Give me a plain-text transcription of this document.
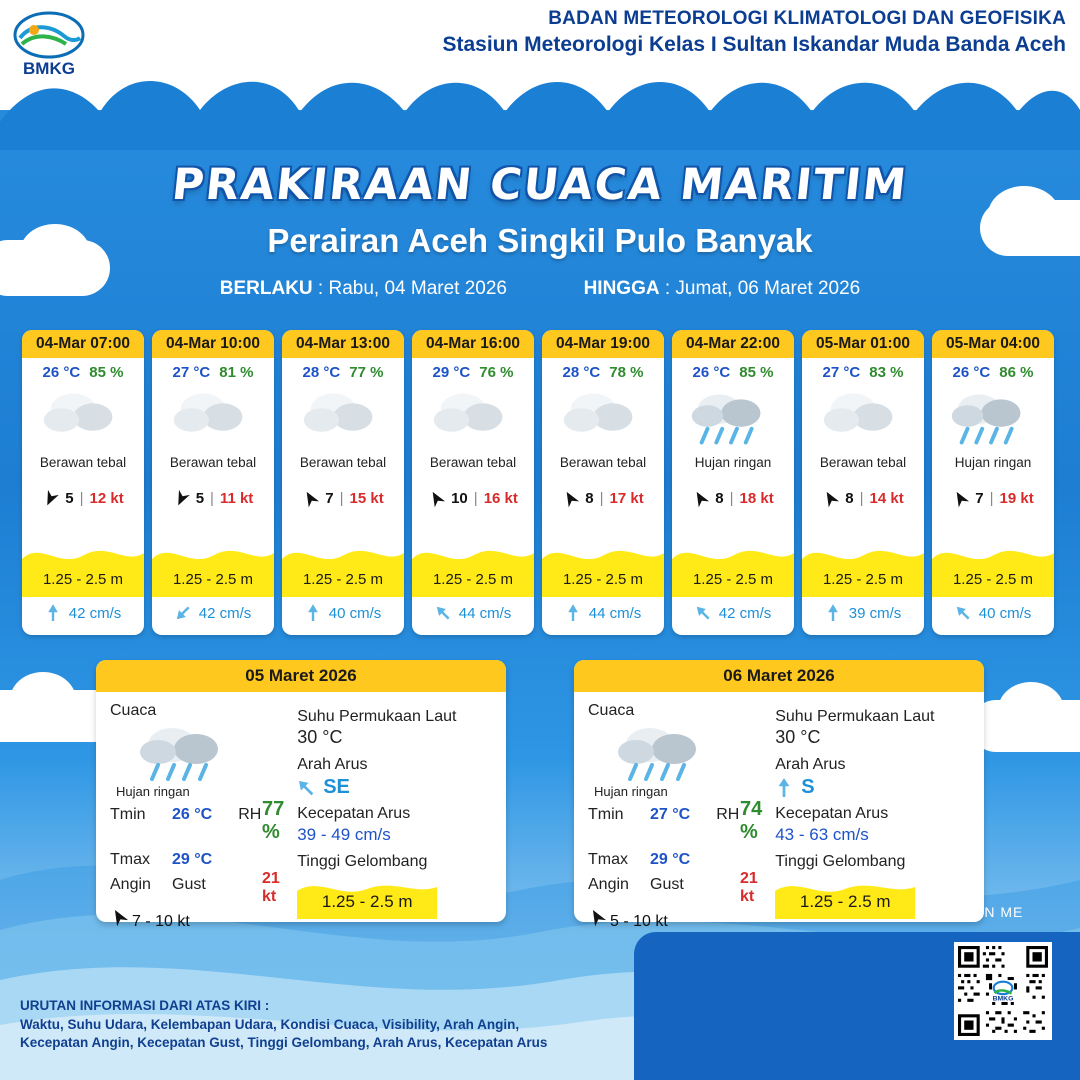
BMKG
BADAN METEOROLOGI KLIMATOLOGI DAN GEOFISIKA
Stasiun Meteorologi Kelas I Sultan Iskandar Muda Banda Aceh
PRAKIRAAN CUACA MARITIM
Perairan Aceh Singkil Pulo Banyak
BERLAKU : Rabu, 04 Maret 2026	HINGGA : Jumat, 06 Maret 2026
04-Mar 07:00
26 °C 85 %
Berawan tebal
5 | 12 kt
1.25 - 2.5 m
42 cm/s
04-Mar 10:00
27 °C 81 %
Berawan tebal
5 | 11 kt
1.25 - 2.5 m
42 cm/s
04-Mar 13:00
28 °C 77 %
Berawan tebal
7 | 15 kt
1.25 - 2.5 m
40 cm/s
04-Mar 16:00
29 °C 76 %
Berawan tebal
10 | 16 kt
1.25 - 2.5 m
44 cm/s
04-Mar 19:00
28 °C 78 %
Berawan tebal
8 | 17 kt
1.25 - 2.5 m
44 cm/s
04-Mar 22:00
26 °C 85 %
Hujan ringan
8 | 18 kt
1.25 - 2.5 m
42 cm/s
05-Mar 01:00
27 °C 83 %
Berawan tebal
8 | 14 kt
1.25 - 2.5 m
39 cm/s
05-Mar 04:00
26 °C 86 %
Hujan ringan
7 | 19 kt
1.25 - 2.5 m
40 cm/s
05 Maret 2026
Cuaca
Hujan ringan
Tmin	26 °C RH 77 %
Tmax	29 °C
Angin	Gust	21 kt
7 - 10 kt
Suhu Permukaan Laut
30 °C
Arah Arus
SE
Kecepatan Arus
39 - 49 cm/s
Tinggi Gelombang
1.25 - 2.5 m
06 Maret 2026
Cuaca
Hujan ringan
Tmin	27 °C RH 74 %
Tmax	29 °C
Angin	Gust	21 kt
5 - 10 kt
Suhu Permukaan Laut
30 °C
Arah Arus
S
Kecepatan Arus
43 - 63 cm/s
Tinggi Gelombang
1.25 - 2.5 m
URUTAN INFORMASI DARI ATAS KIRI :
Waktu, Suhu Udara, Kelembapan Udara, Kondisi Cuaca, Visibility, Arah Angin,
Kecepatan Angin, Kecepatan Gust, Tinggi Gelombang, Arah Arus, Kecepatan Arus
SCAN ME
BMKG
